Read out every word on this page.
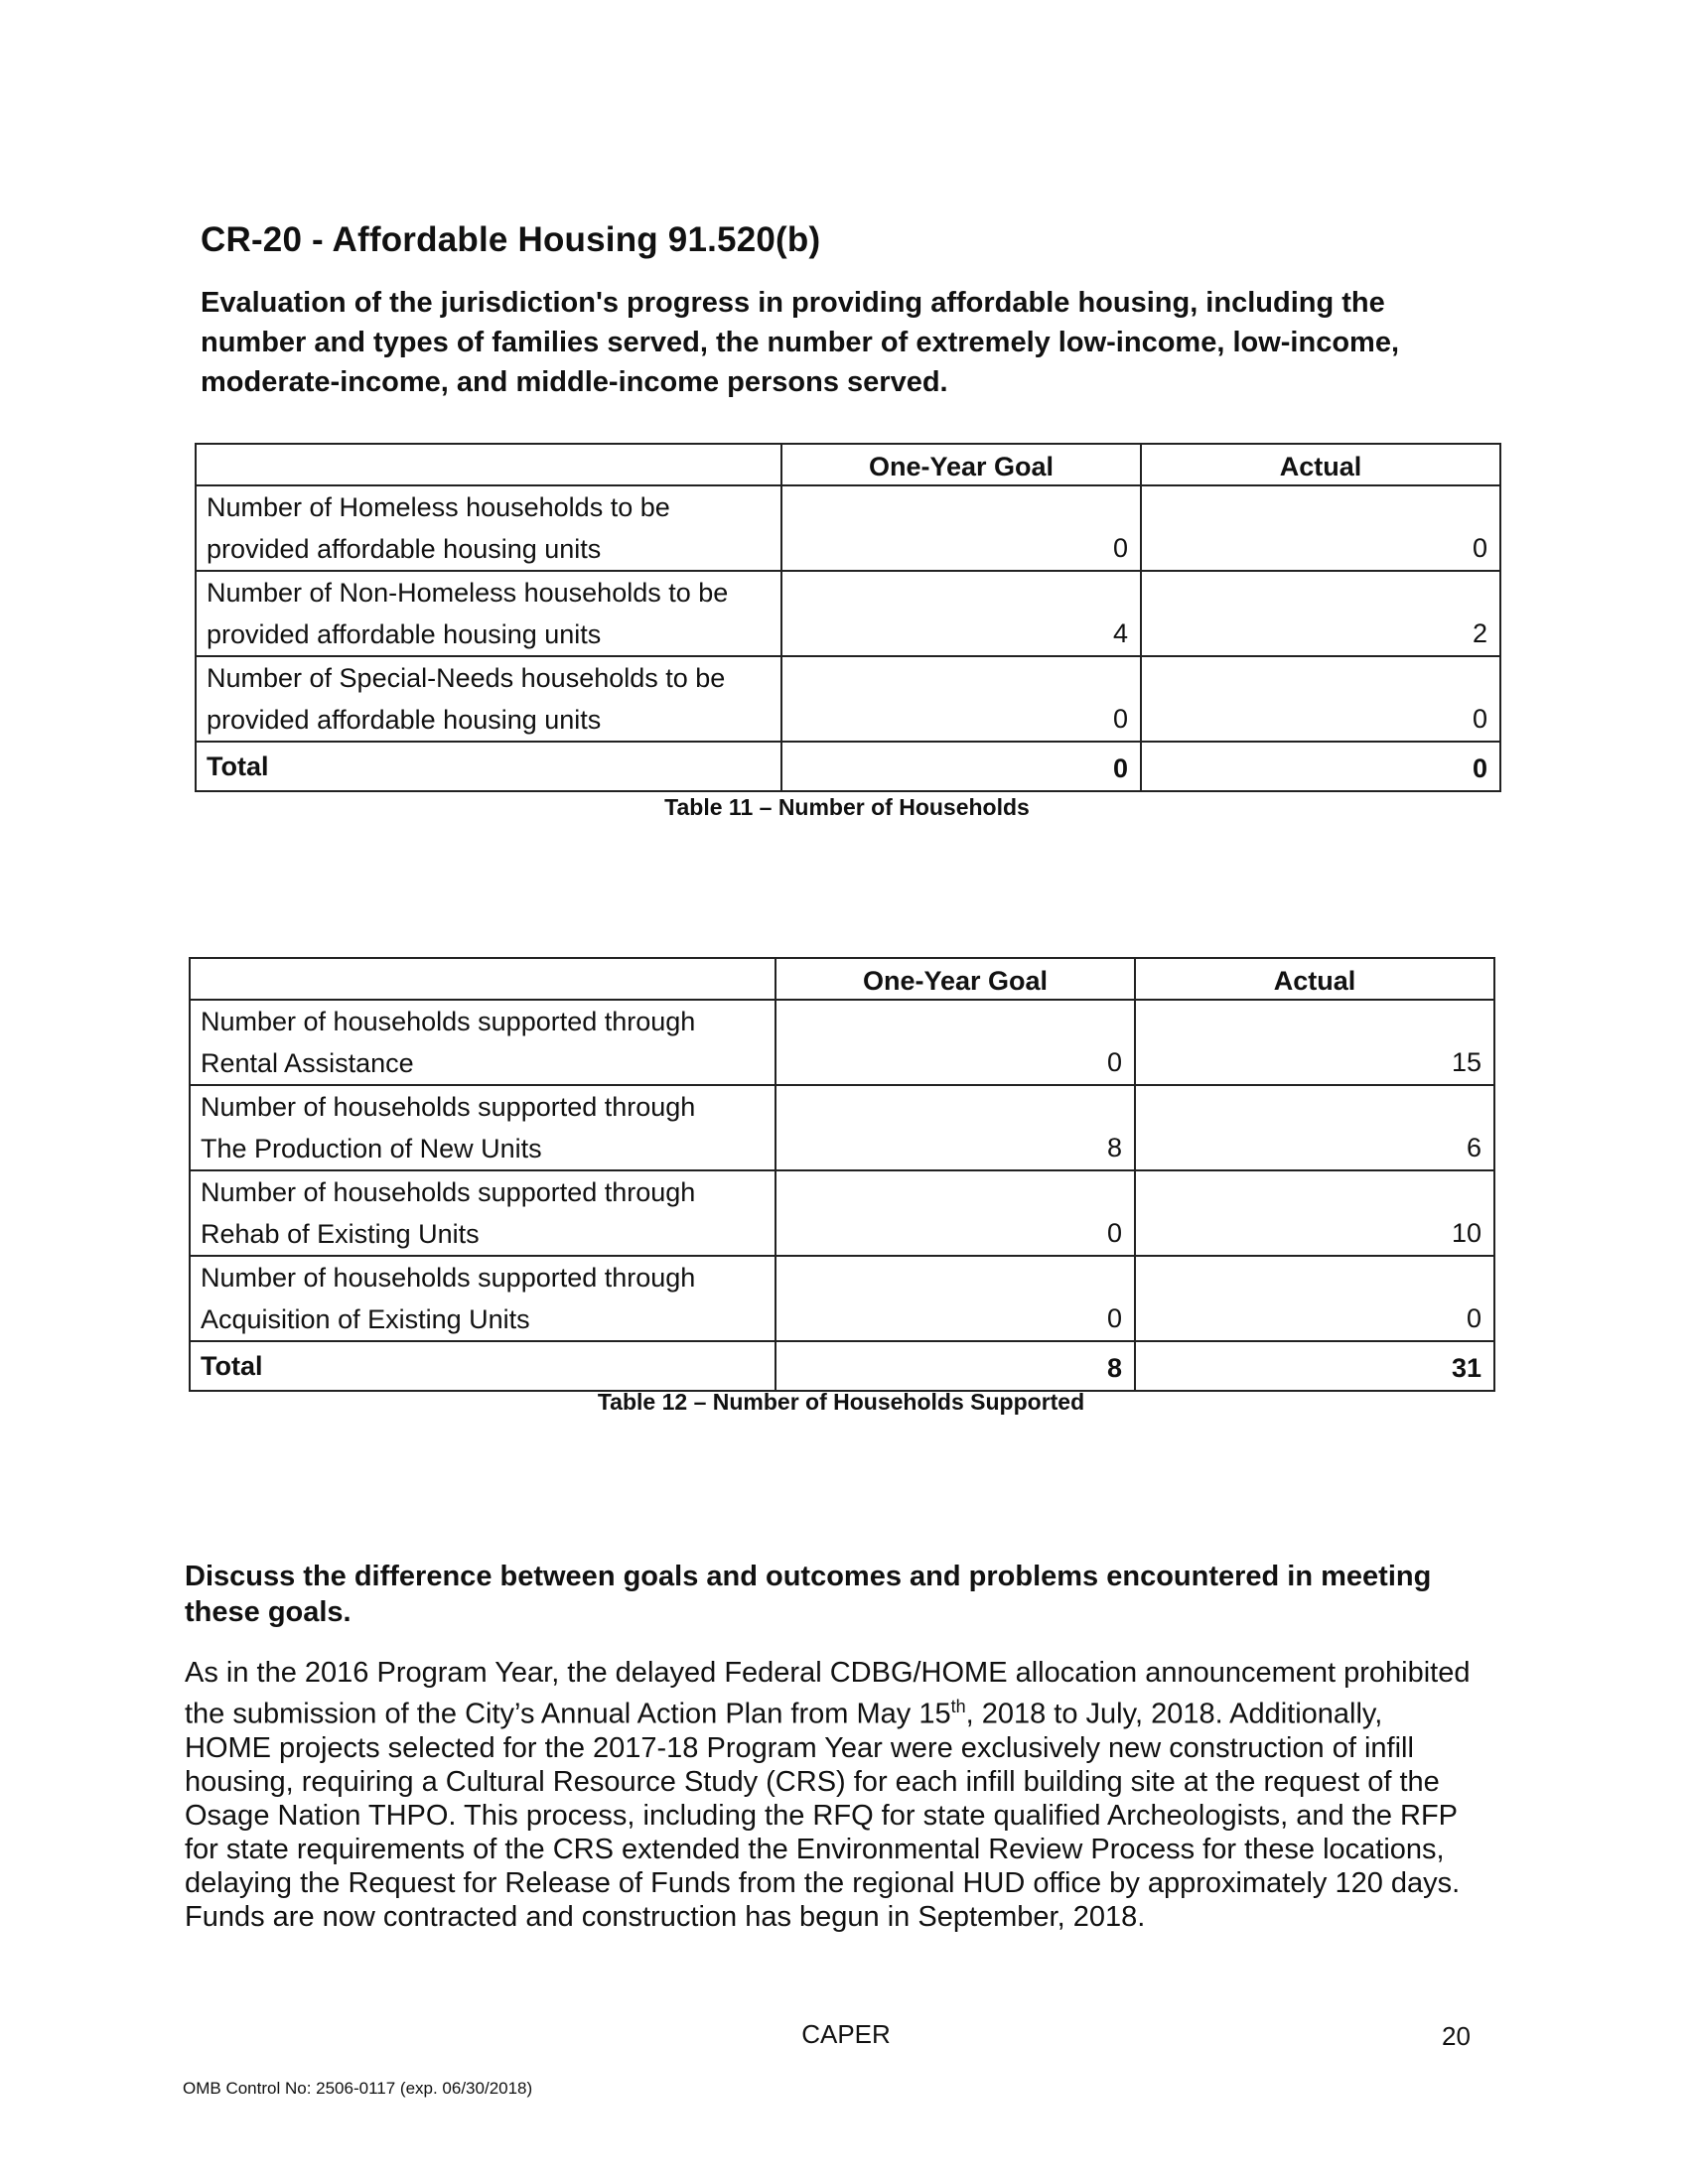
CR-20 - Affordable Housing 91.520(b)
Evaluation of the jurisdiction's progress in providing affordable housing, including the number and types of families served, the number of extremely low-income, low-income, moderate-income, and middle-income persons served.
	One-Year Goal	Actual

Number of Homeless households to be
provided affordable housing units	0	0

Number of Non-Homeless households to be
provided affordable housing units	4	2

Number of Special-Needs households to be
provided affordable housing units	0	0
Total	0	0
Table 11 – Number of Households
	One-Year Goal	Actual

Number of households supported through
Rental Assistance	0	15

Number of households supported through
The Production of New Units	8	6

Number of households supported through
Rehab of Existing Units	0	10

Number of households supported through
Acquisition of Existing Units	0	0
Total	8	31
Table 12 – Number of Households Supported
Discuss the difference between goals and outcomes and problems encountered in meeting these goals.
As in the 2016 Program Year, the delayed Federal CDBG/HOME allocation announcement prohibited the submission of the City’s Annual Action Plan from May 15th, 2018 to July, 2018. Additionally, HOME projects selected for the 2017-18 Program Year were exclusively new construction of infill housing, requiring a Cultural Resource Study (CRS) for each infill building site at the request of the Osage Nation THPO. This process, including the RFQ for state qualified Archeologists, and the RFP for state requirements of the CRS extended the Environmental Review Process for these locations, delaying the Request for Release of Funds from the regional HUD office by approximately 120 days. Funds are now contracted and construction has begun in September, 2018.
CAPER	20
OMB Control No: 2506-0117 (exp. 06/30/2018)
